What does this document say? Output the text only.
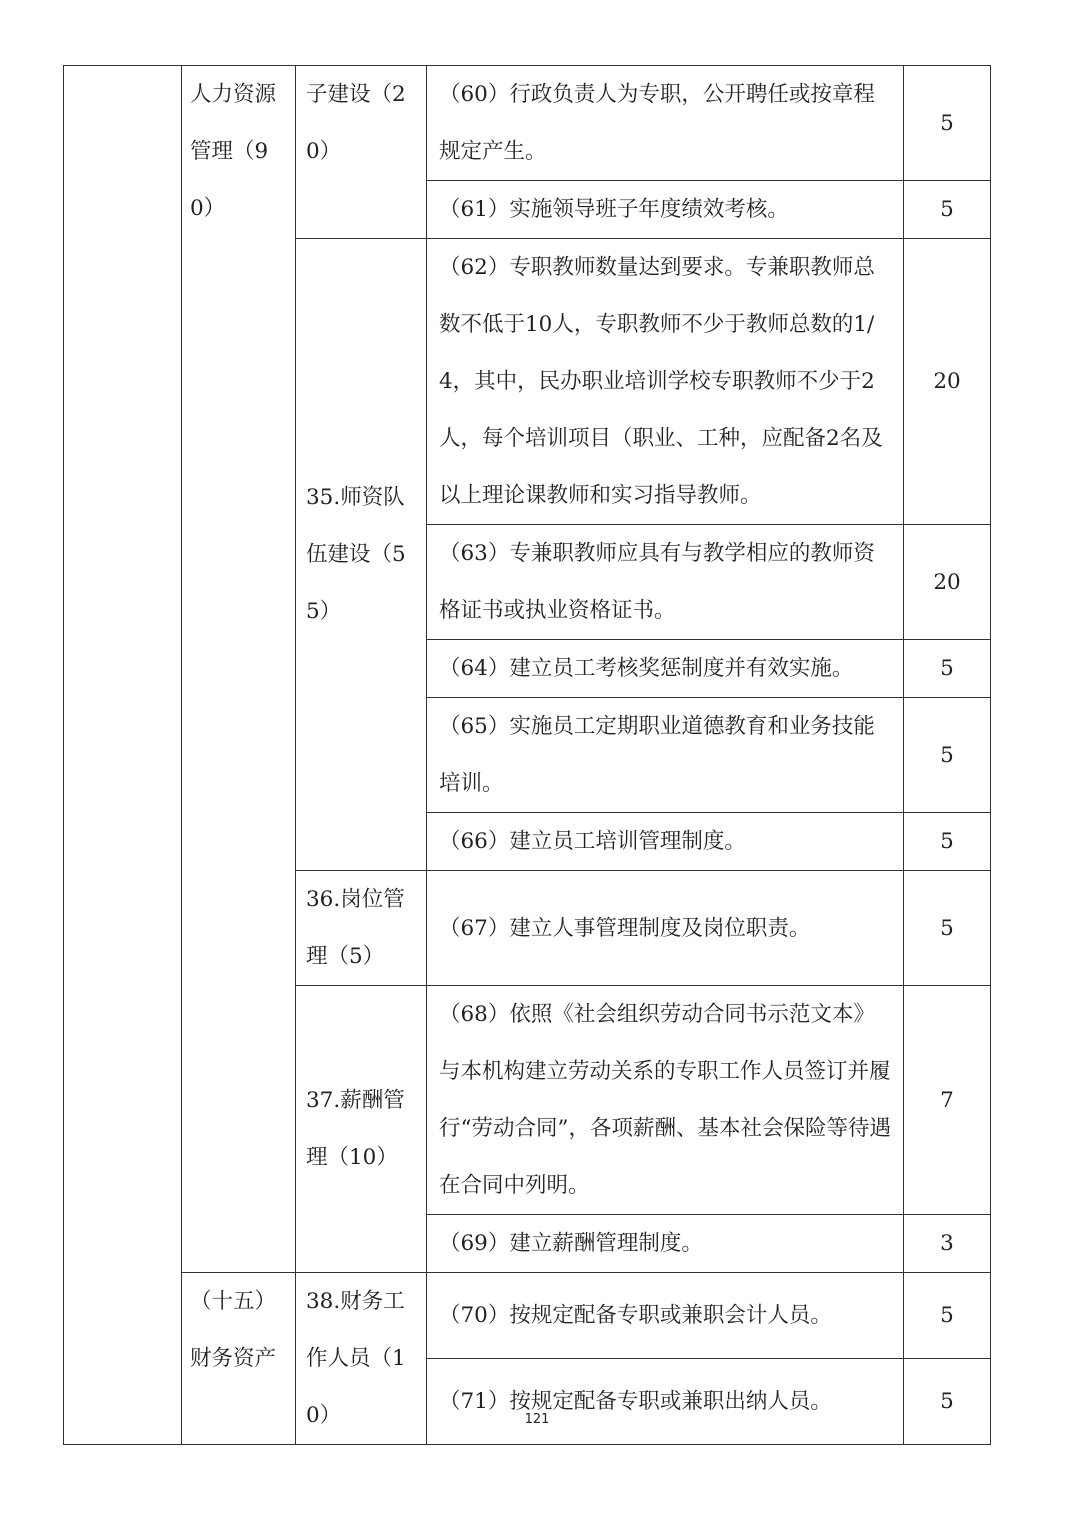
	人力资源管理（90）	子建设（20）	（60）行政负责人为专职，公开聘任或按章程规定产生。	5
			（61）实施领导班子年度绩效考核。	5
		35.师资队伍建设（55）	（62）专职教师数量达到要求。专兼职教师总数不低于10人，专职教师不少于教师总数的1/4，其中，民办职业培训学校专职教师不少于2人，每个培训项目（职业、工种，应配备2名及以上理论课教师和实习指导教师。	20
			（63）专兼职教师应具有与教学相应的教师资格证书或执业资格证书。	20
			（64）建立员工考核奖惩制度并有效实施。	5
			（65）实施员工定期职业道德教育和业务技能培训。	5
			（66）建立员工培训管理制度。	5
		36.岗位管理（5）	（67）建立人事管理制度及岗位职责。	5
		37.薪酬管理（10）	（68）依照《社会组织劳动合同书示范文本》与本机构建立劳动关系的专职工作人员签订并履行“劳动合同”，各项薪酬、基本社会保险等待遇在合同中列明。	7
			（69）建立薪酬管理制度。	3
	（十五）财务资产	38.财务工作人员（10）	（70）按规定配备专职或兼职会计人员。	5
			（71）按规定配备专职或兼职出纳人员。	5
121
